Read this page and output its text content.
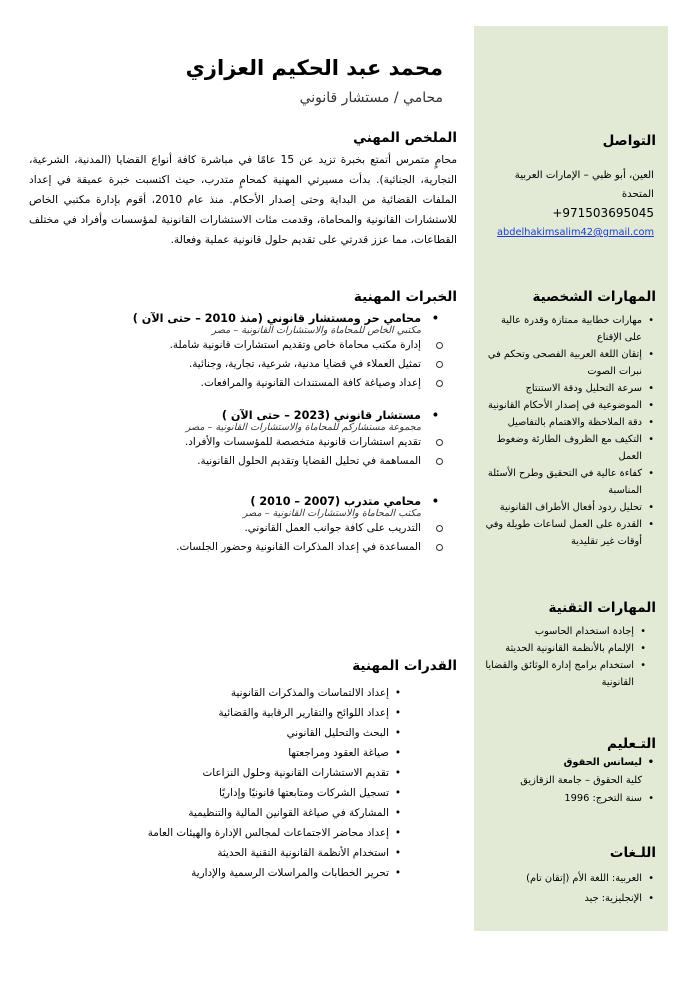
التواصل
العين، أبو ظبي – الإمارات العربية المتحدة
+971503695045
abdelhakimsalim42@gmail.com
المهارات الشخصية
• مهارات خطابية ممتازة وقدرة عالية على الإقناع
• إتقان اللغة العربية الفصحى وتحكم في نبرات الصوت
• سرعة التحليل ودقة الاستنتاج
• الموضوعية في إصدار الأحكام القانونية
• دقة الملاحظة والاهتمام بالتفاصيل
• التكيف مع الظروف الطارئة وضغوط العمل
• كفاءة عالية في التحقيق وطرح الأسئلة المناسبة
• تحليل ردود أفعال الأطراف القانونية
• القدرة على العمل لساعات طويلة وفي أوقات غير تقليدية
المهارات التقنية
• إجادة استخدام الحاسوب
• الإلمام بالأنظمة القانونية الحديثة
• استخدام برامج إدارة الوثائق والقضايا القانونية
التـعليم
• ليسانس الحقوق
كلية الحقوق – جامعة الزقازيق
• سنة التخرج: 1996
اللـغات
• العربية: اللغة الأم (إتقان تام)
• الإنجليزية: جيد
محمد عبد الحكيم العزازي
محامي / مستشار قانوني
الملخص المهني
محامٍ متمرس أتمتع بخبرة تزيد عن 15 عامًا في مباشرة كافة أنواع القضايا (المدنية، الشرعية، التجارية، الجنائية). بدأت مسيرتي المهنية كمحامٍ متدرب، حيث اكتسبت خبرة عميقة في إعداد الملفات القضائية من البداية وحتى إصدار الأحكام. منذ عام 2010، أقوم بإدارة مكتبي الخاص للاستشارات القانونية والمحاماة، وقدمت مئات الاستشارات القانونية لمؤسسات وأفراد في مختلف القطاعات، مما عزز قدرتي على تقديم حلول قانونية عملية وفعالة.
الخبرات المهنية
• محامي حر ومستشار قانوني (منذ 2010 – حتى الآن )
مكتبي الخاص للمحاماة والاستشارات القانونية – مصر
إدارة مكتب محاماة خاص وتقديم استشارات قانونية شاملة.
تمثيل العملاء في قضايا مدنية، شرعية، تجارية، وجنائية.
إعداد وصياغة كافة المستندات القانونية والمرافعات.
• مستشار قانوني (2023 – حتى الآن )
مجموعة مستشاركم للمحاماة والاستشارات القانونية – مصر
تقديم استشارات قانونية متخصصة للمؤسسات والأفراد.
المساهمة في تحليل القضايا وتقديم الحلول القانونية.
• محامي متدرب (2007 – 2010 )
مكتب المحاماة والاستشارات القانونية – مصر
التدريب على كافة جوانب العمل القانوني.
المساعدة في إعداد المذكرات القانونية وحضور الجلسات.
القدرات المهنية
• إعداد الالتماسات والمذكرات القانونية
• إعداد اللوائح والتقارير الرقابية والقضائية
• البحث والتحليل القانوني
• صياغة العقود ومراجعتها
• تقديم الاستشارات القانونية وحلول النزاعات
• تسجيل الشركات ومتابعتها قانونيًا وإداريًا
• المشاركة في صياغة القوانين المالية والتنظيمية
• إعداد محاضر الاجتماعات لمجالس الإدارة والهيئات العامة
• استخدام الأنظمة القانونية التقنية الحديثة
• تحرير الخطابات والمراسلات الرسمية والإدارية
